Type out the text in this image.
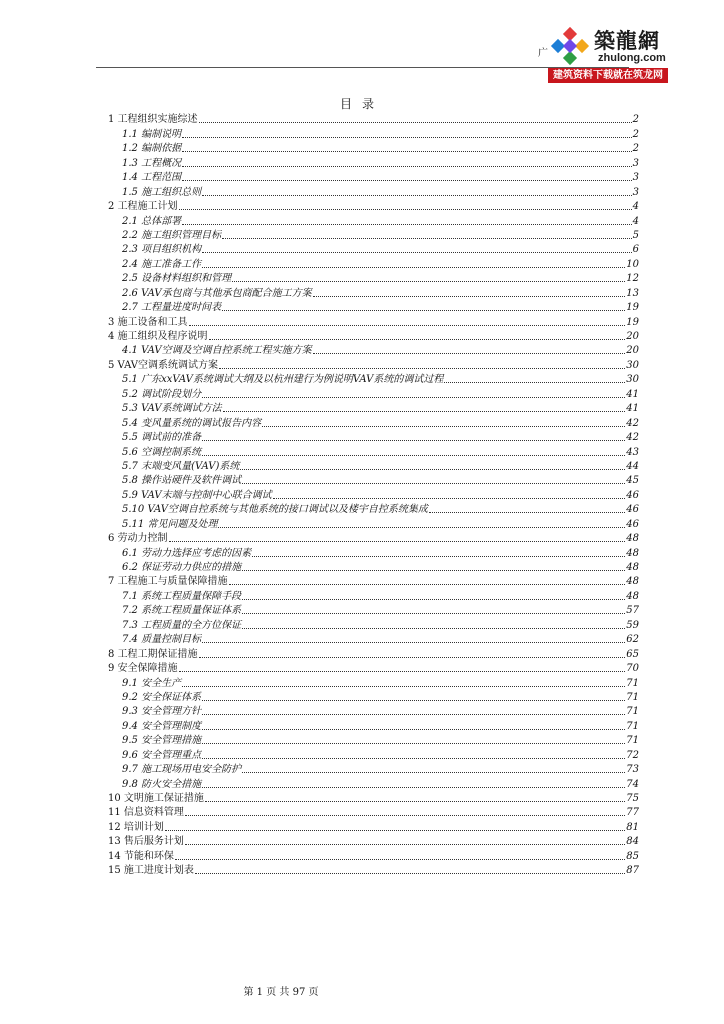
广
築龍網
zhulong.com
建筑资料下载就在筑龙网
目录
1 工程组织实施综述	2
1.1 编制说明	2
1.2 编制依据	2
1.3 工程概况	3
1.4 工程范围	3
1.5 施工组织总则	3
2 工程施工计划	4
2.1 总体部署	4
2.2 施工组织管理目标	5
2.3 项目组织机构	6
2.4 施工准备工作	10
2.5 设备材料组织和管理	12
2.6 VAV承包商与其他承包商配合施工方案	13
2.7 工程量进度时间表	19
3 施工设备和工具	19
4 施工组织及程序说明	20
4.1 VAV空调及空调自控系统工程实施方案	20
5 VAV空调系统调试方案	30
5.1 广东xxVAV系统调试大纲及以杭州建行为例说明VAV系统的调试过程	30
5.2 调试阶段划分	41
5.3 VAV系统调试方法	41
5.4 变风量系统的调试报告内容	42
5.5 调试前的准备	42
5.6 空调控制系统	43
5.7 末端变风量(VAV)系统	44
5.8 操作站硬件及软件调试	45
5.9 VAV末端与控制中心联合调试	46
5.10 VAV空调自控系统与其他系统的接口调试以及楼宇自控系统集成	46
5.11 常见问题及处理	46
6 劳动力控制	48
6.1 劳动力选择应考虑的因素	48
6.2 保证劳动力供应的措施	48
7 工程施工与质量保障措施	48
7.1 系统工程质量保障手段	48
7.2 系统工程质量保证体系	57
7.3 工程质量的全方位保证	59
7.4 质量控制目标	62
8 工程工期保证措施	65
9 安全保障措施	70
9.1 安全生产	71
9.2 安全保证体系	71
9.3 安全管理方针	71
9.4 安全管理制度	71
9.5 安全管理措施	71
9.6 安全管理重点	72
9.7 施工现场用电安全防护	73
9.8 防火安全措施	74
10 文明施工保证措施	75
11 信息资料管理	77
12 培训计划	81
13 售后服务计划	84
14 节能和环保	85
15 施工进度计划表	87
第 1 页 共 97 页
